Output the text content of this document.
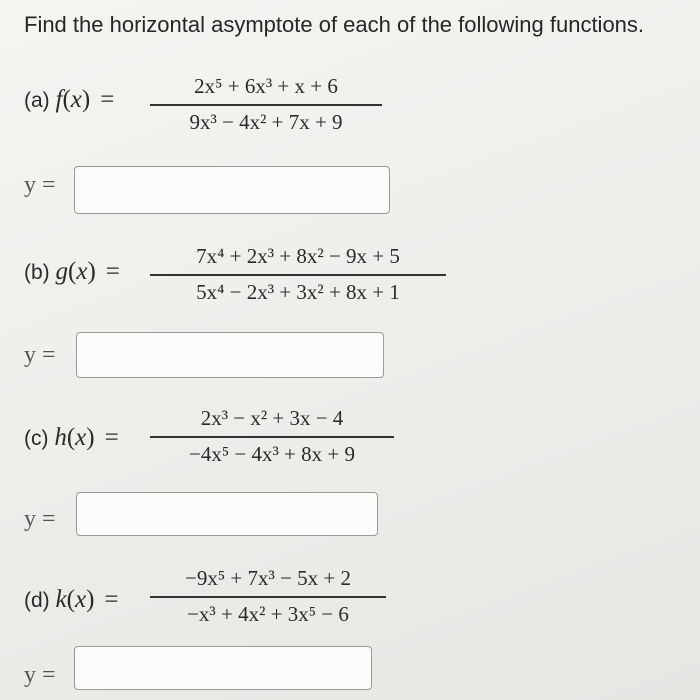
Find the horizontal asymptote of each of the following functions.
(a) f(x) =	2x⁵ + 6x³ + x + 6
9x³ − 4x² + 7x + 9
y =
(b) g(x) =
7x⁴ + 2x³ + 8x² − 9x + 5
5x⁴ − 2x³ + 3x² + 8x + 1
y =
(c) h(x) =
2x³ − x² + 3x − 4
−4x⁵ − 4x³ + 8x + 9
y =
(d) k(x) =
−9x⁵ + 7x³ − 5x + 2
−x³ + 4x² + 3x⁵ − 6
y =
